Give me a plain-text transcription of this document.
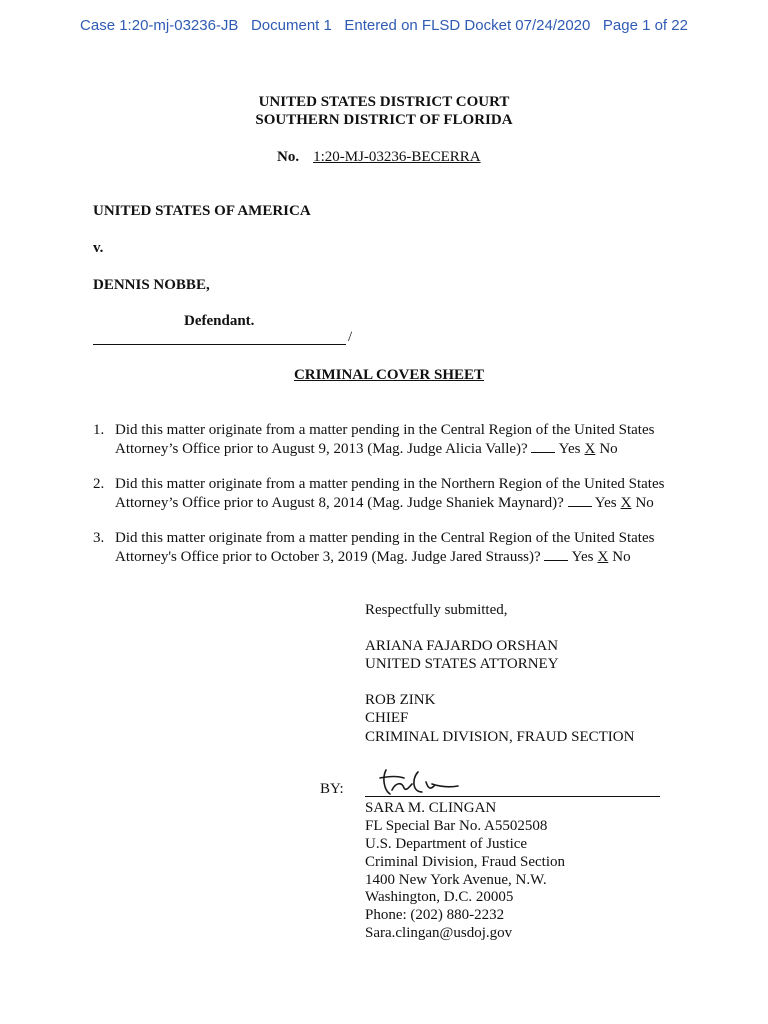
Case 1:20-mj-03236-JB Document 1 Entered on FLSD Docket 07/24/2020 Page 1 of 22
UNITED STATES DISTRICT COURT
SOUTHERN DISTRICT OF FLORIDA
No. 1:20-MJ-03236-BECERRA
UNITED STATES OF AMERICA
v.
DENNIS NOBBE,
Defendant.
/
CRIMINAL COVER SHEET
1. Did this matter originate from a matter pending in the Central Region of the United States
Attorney’s Office prior to August 9, 2013 (Mag. Judge Alicia Valle)? Yes X No
2. Did this matter originate from a matter pending in the Northern Region of the United States
Attorney’s Office prior to August 8, 2014 (Mag. Judge Shaniek Maynard)? Yes X No
3. Did this matter originate from a matter pending in the Central Region of the United States
Attorney's Office prior to October 3, 2019 (Mag. Judge Jared Strauss)? Yes X No
Respectfully submitted,
ARIANA FAJARDO ORSHAN
UNITED STATES ATTORNEY
ROB ZINK
CHIEF
CRIMINAL DIVISION, FRAUD SECTION
BY:
SARA M. CLINGAN
FL Special Bar No. A5502508
U.S. Department of Justice
Criminal Division, Fraud Section
1400 New York Avenue, N.W.
Washington, D.C. 20005
Phone: (202) 880-2232
Sara.clingan@usdoj.gov
